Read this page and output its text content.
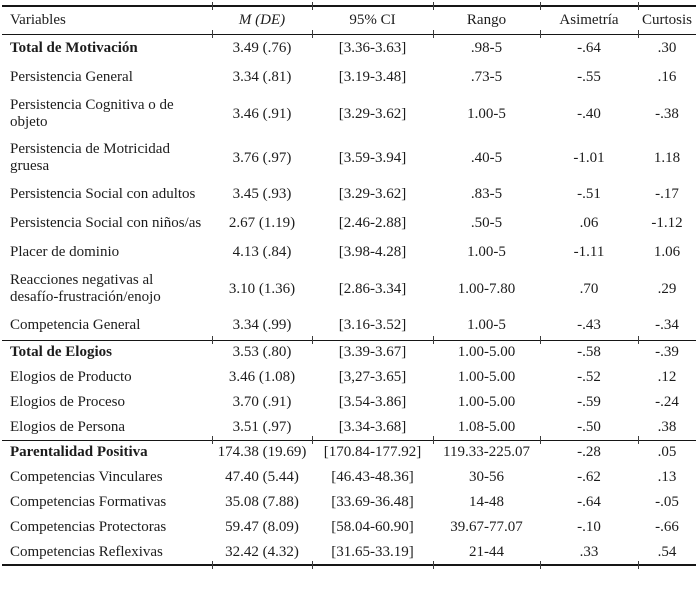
Variables	M (DE)	95% CI	Rango	Asimetría	Curtosis
Total de Motivación	3.49 (.76)	[3.36-3.63]	.98-5	-.64	.30
Persistencia General	3.34 (.81)	[3.19-3.48]	.73-5	-.55	.16
Persistencia Cognitiva o de objeto	3.46 (.91)	[3.29-3.62]	1.00-5	-.40	-.38
Persistencia de Motricidad gruesa	3.76 (.97)	[3.59-3.94]	.40-5	-1.01	1.18
Persistencia Social con adultos	3.45 (.93)	[3.29-3.62]	.83-5	-.51	-.17
Persistencia Social con niños/as	2.67 (1.19)	[2.46-2.88]	.50-5	.06	-1.12
Placer de dominio	4.13 (.84)	[3.98-4.28]	1.00-5	-1.11	1.06
Reacciones negativas al desafío-frustración/enojo	3.10 (1.36)	[2.86-3.34]	1.00-7.80	.70	.29
Competencia General	3.34 (.99)	[3.16-3.52]	1.00-5	-.43	-.34
Total de Elogios	3.53 (.80)	[3.39-3.67]	1.00-5.00	-.58	-.39
Elogios de Producto	3.46 (1.08)	[3,27-3.65]	1.00-5.00	-.52	.12
Elogios de Proceso	3.70 (.91)	[3.54-3.86]	1.00-5.00	-.59	-.24
Elogios de Persona	3.51 (.97)	[3.34-3.68]	1.08-5.00	-.50	.38
Parentalidad Positiva	174.38 (19.69)	[170.84-177.92]	119.33-225.07	-.28	.05
Competencias Vinculares	47.40 (5.44)	[46.43-48.36]	30-56	-.62	.13
Competencias Formativas	35.08 (7.88)	[33.69-36.48]	14-48	-.64	-.05
Competencias Protectoras	59.47 (8.09)	[58.04-60.90]	39.67-77.07	-.10	-.66
Competencias Reflexivas	32.42 (4.32)	[31.65-33.19]	21-44	.33	.54
